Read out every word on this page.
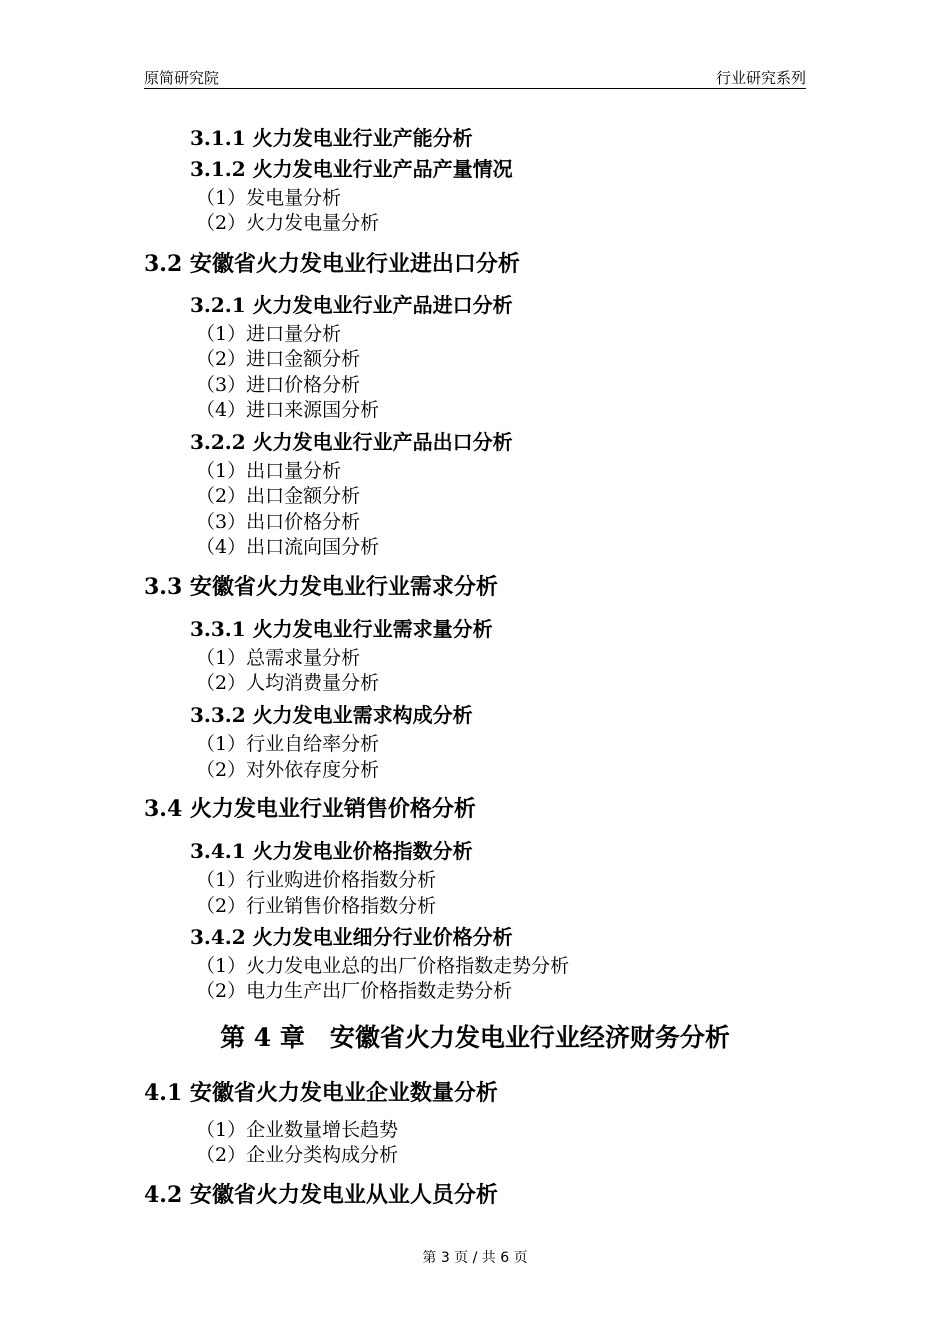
原简研究院	行业研究系列
3.1.1 火力发电业行业产能分析
3.1.2 火力发电业行业产品产量情况
（1）发电量分析
（2）火力发电量分析
3.2 安徽省火力发电业行业进出口分析
3.2.1 火力发电业行业产品进口分析
（1）进口量分析
（2）进口金额分析
（3）进口价格分析
（4）进口来源国分析
3.2.2 火力发电业行业产品出口分析
（1）出口量分析
（2）出口金额分析
（3）出口价格分析
（4）出口流向国分析
3.3 安徽省火力发电业行业需求分析
3.3.1 火力发电业行业需求量分析
（1）总需求量分析
（2）人均消费量分析
3.3.2 火力发电业需求构成分析
（1）行业自给率分析
（2）对外依存度分析
3.4 火力发电业行业销售价格分析
3.4.1 火力发电业价格指数分析
（1）行业购进价格指数分析
（2）行业销售价格指数分析
3.4.2 火力发电业细分行业价格分析
（1）火力发电业总的出厂价格指数走势分析
（2）电力生产出厂价格指数走势分析
第 4 章　安徽省火力发电业行业经济财务分析
4.1 安徽省火力发电业企业数量分析
（1）企业数量增长趋势
（2）企业分类构成分析
4.2 安徽省火力发电业从业人员分析
第 3 页 / 共 6 页
